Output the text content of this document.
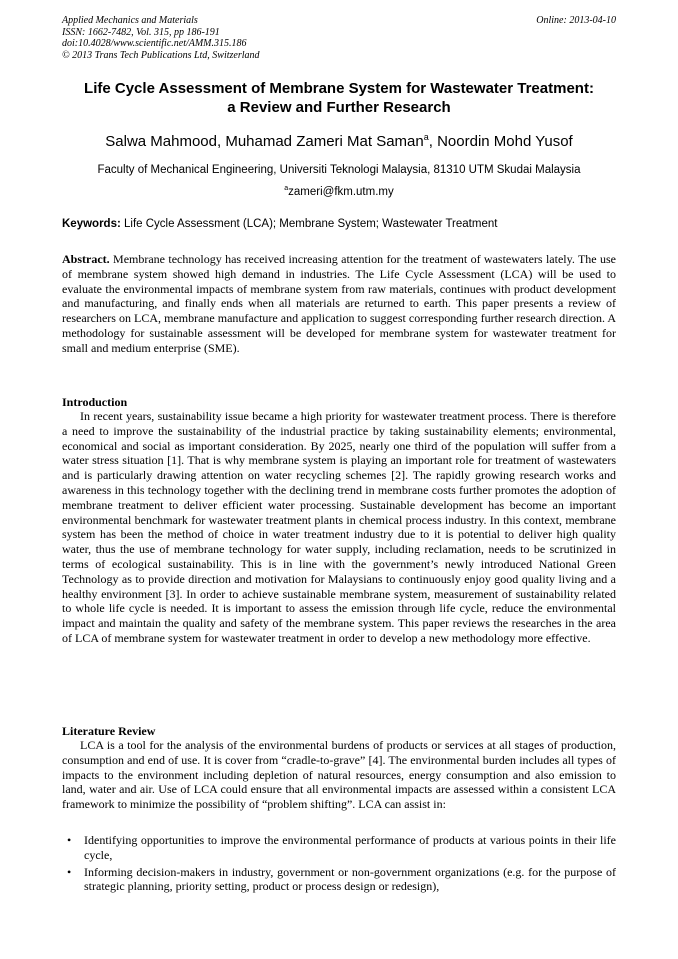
Applied Mechanics and Materials
ISSN: 1662-7482, Vol. 315, pp 186-191
doi:10.4028/www.scientific.net/AMM.315.186
© 2013 Trans Tech Publications Ltd, Switzerland
Online: 2013-04-10
Life Cycle Assessment of Membrane System for Wastewater Treatment:
a Review and Further Research
Salwa Mahmood, Muhamad Zameri Mat Saman$^a$, Noordin Mohd Yusof
Faculty of Mechanical Engineering, Universiti Teknologi Malaysia, 81310 UTM Skudai Malaysia
$^a$zameri@fkm.utm.my
Keywords: Life Cycle Assessment (LCA); Membrane System; Wastewater Treatment
Abstract. Membrane technology has received increasing attention for the treatment of wastewaters lately. The use of membrane system showed high demand in industries. The Life Cycle Assessment (LCA) will be used to evaluate the environmental impacts of membrane system from raw materials, continues with product development and manufacturing, and finally ends when all materials are returned to earth. This paper presents a review of researchers on LCA, membrane manufacture and application to suggest corresponding further research direction. A methodology for sustainable assessment will be developed for membrane system for wastewater treatment for small and medium enterprise (SME).
Introduction
In recent years, sustainability issue became a high priority for wastewater treatment process. There is therefore a need to improve the sustainability of the industrial practice by taking sustainability elements; environmental, economical and social as important consideration. By 2025, nearly one third of the population will suffer from a water stress situation [1]. That is why membrane system is playing an important role for treatment of wastewaters and is particularly drawing attention on water recycling schemes [2]. The rapidly growing research works and awareness in this technology together with the declining trend in membrane costs further promotes the adoption of membrane treatment to deliver efficient water processing. Sustainable development has become an important environmental benchmark for wastewater treatment plants in chemical process industry. In this context, membrane system has been the method of choice in water treatment industry due to it is potential to deliver high quality water, thus the use of membrane technology for water supply, including reclamation, needs to be scrutinized in terms of ecological sustainability. This is in line with the government’s newly introduced National Green Technology as to provide direction and motivation for Malaysians to continuously enjoy good quality living and a healthy environment [3]. In order to achieve sustainable membrane system, measurement of sustainability related to whole life cycle is needed. It is important to assess the emission through life cycle, reduce the environmental impact and maintain the quality and safety of the membrane system. This paper reviews the researches in the area of LCA of membrane system for wastewater treatment in order to develop a new methodology more effective.
Literature Review
LCA is a tool for the analysis of the environmental burdens of products or services at all stages of production, consumption and end of use. It is cover from “cradle-to-grave” [4]. The environmental burden includes all types of impacts to the environment including depletion of natural resources, energy consumption and also emission to land, water and air. Use of LCA could ensure that all environmental impacts are assessed within a consistent LCA framework to minimize the possibility of “problem shifting”. LCA can assist in:
• Identifying opportunities to improve the environmental performance of products at various points in their life cycle,
• Informing decision-makers in industry, government or non-government organizations (e.g. for the purpose of strategic planning, priority setting, product or process design or redesign),
